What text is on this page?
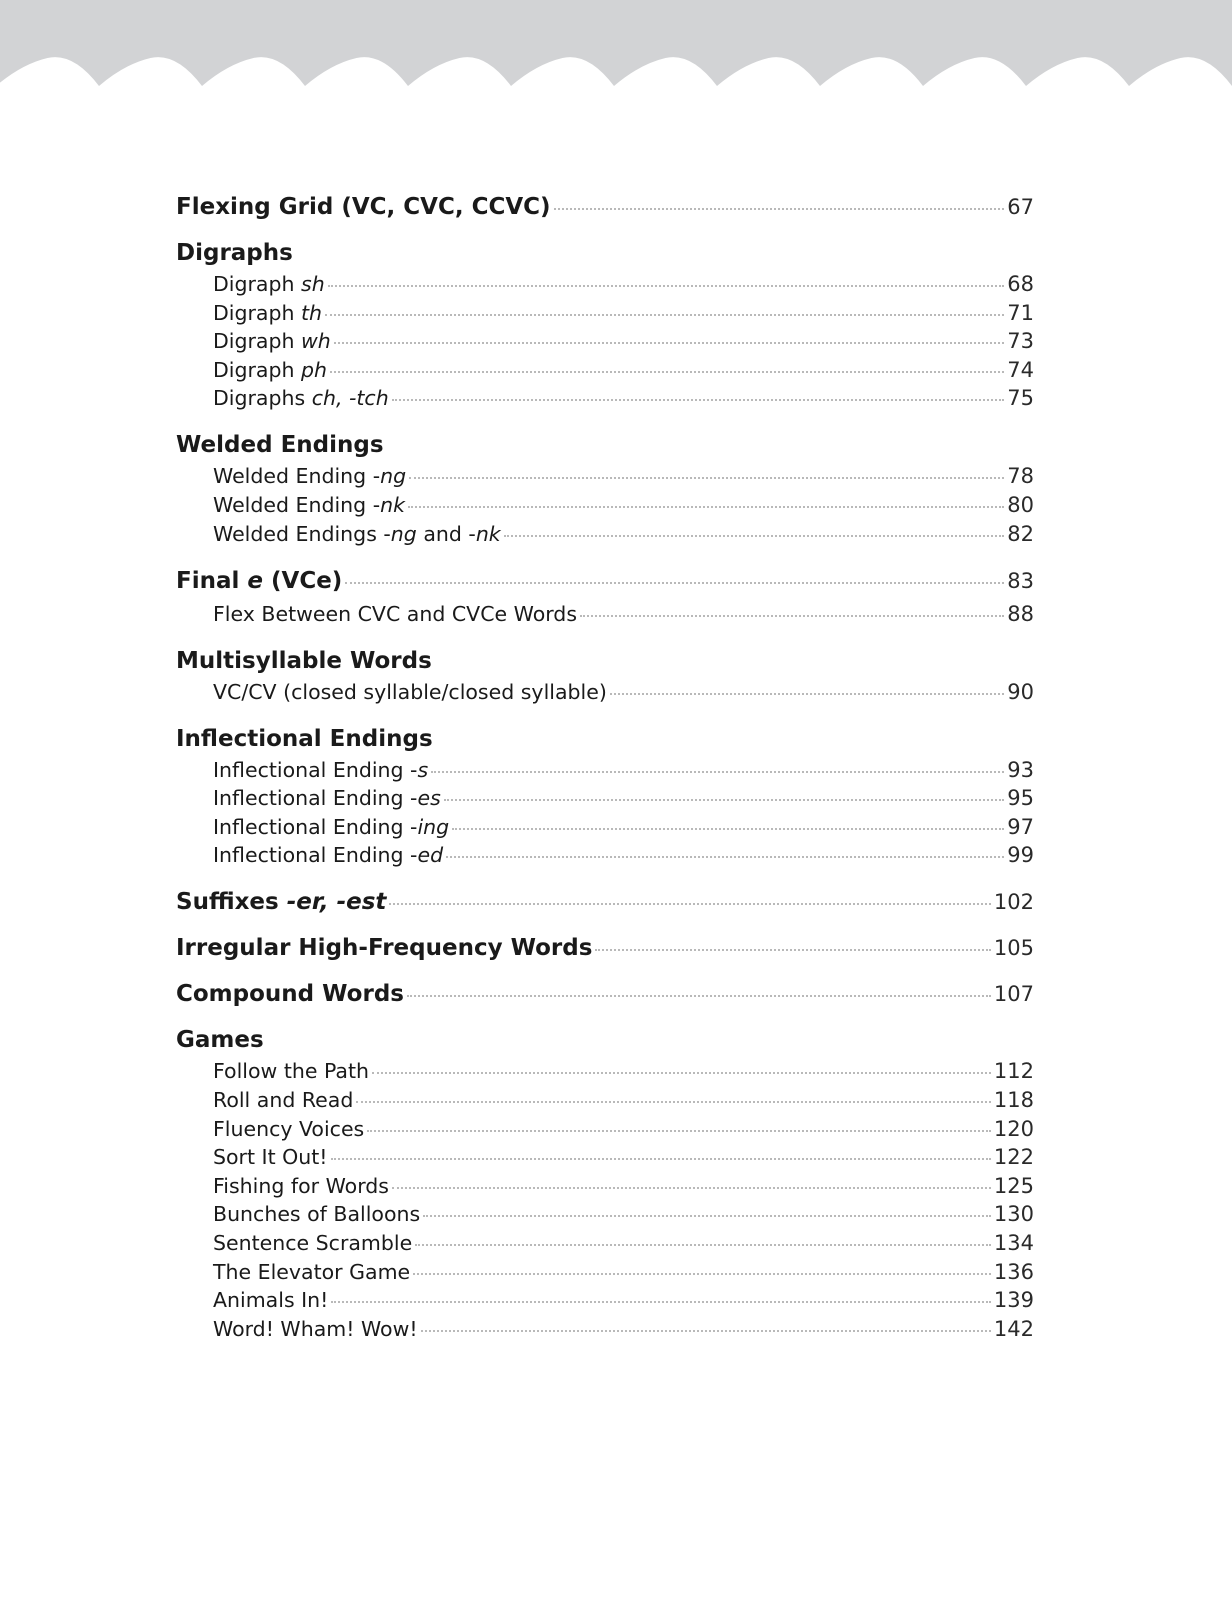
Flexing Grid (VC, CVC, CCVC)	67
Digraphs
Digraph sh	68
Digraph th	71
Digraph wh	73
Digraph ph	74
Digraphs ch, -tch	75
Welded Endings
Welded Ending -ng	78
Welded Ending -nk	80
Welded Endings -ng and -nk	82
Final e (VCe)	83
Flex Between CVC and CVCe Words	88
Multisyllable Words
VC/CV (closed syllable/closed syllable)	90
Inflectional Endings
Inflectional Ending -s	93
Inflectional Ending -es	95
Inflectional Ending -ing	97
Inflectional Ending -ed	99
Suffixes -er, -est	102
Irregular High-Frequency Words	105
Compound Words	107
Games
Follow the Path	112
Roll and Read	118
Fluency Voices	120
Sort It Out!	122
Fishing for Words	125
Bunches of Balloons	130
Sentence Scramble	134
The Elevator Game	136
Animals In!	139
Word! Wham! Wow!	142
